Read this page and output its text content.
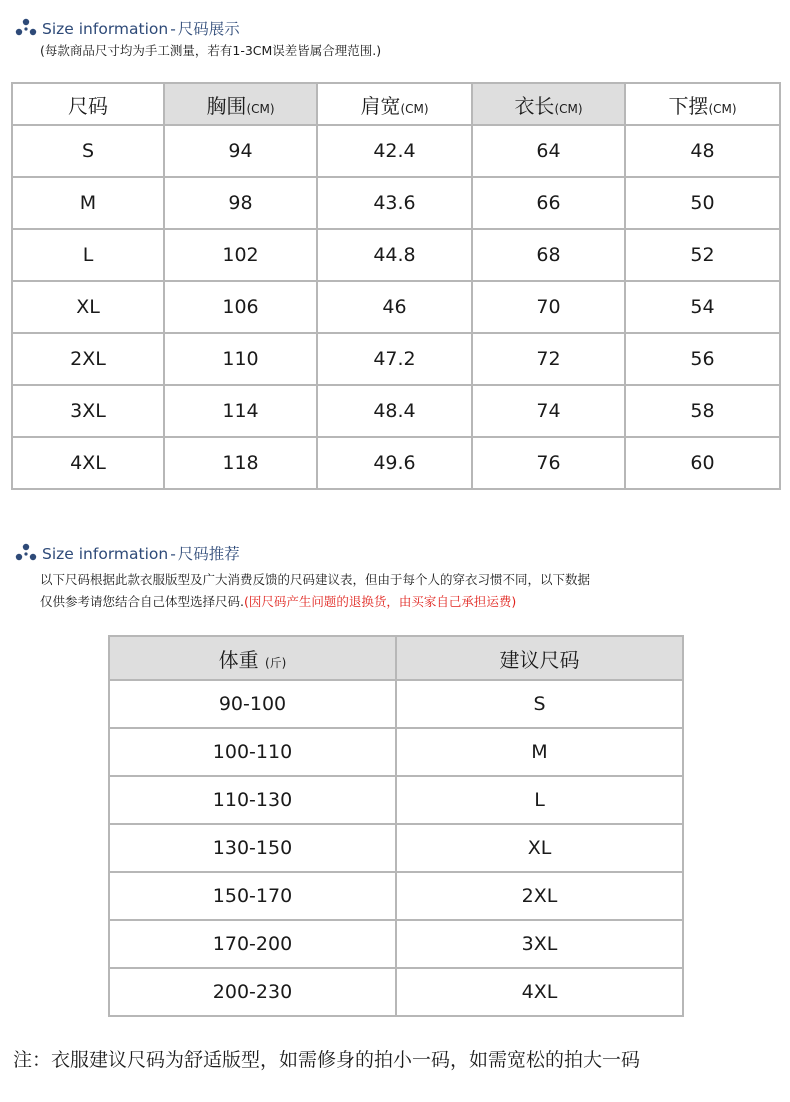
Size information - 尺码展示
(每款商品尺寸均为手工测量，若有1-3CM误差皆属合理范围.)
尺码	胸围(CM)	肩宽(CM)	衣长(CM)	下摆(CM)
S	94	42.4	64	48
M	98	43.6	66	50
L	102	44.8	68	52
XL	106	46	70	54
2XL	110	47.2	72	56
3XL	114	48.4	74	58
4XL	118	49.6	76	60
Size information - 尺码推荐
以下尺码根据此款衣服版型及广大消费反馈的尺码建议表，但由于每个人的穿衣习惯不同，以下数据
仅供参考请您结合自己体型选择尺码.(因尺码产生问题的退换货，由买家自己承担运费)
体重 (斤)	建议尺码
90-100	S
100-110	M
110-130	L
130-150	XL
150-170	2XL
170-200	3XL
200-230	4XL
注：衣服建议尺码为舒适版型，如需修身的拍小一码，如需宽松的拍大一码
